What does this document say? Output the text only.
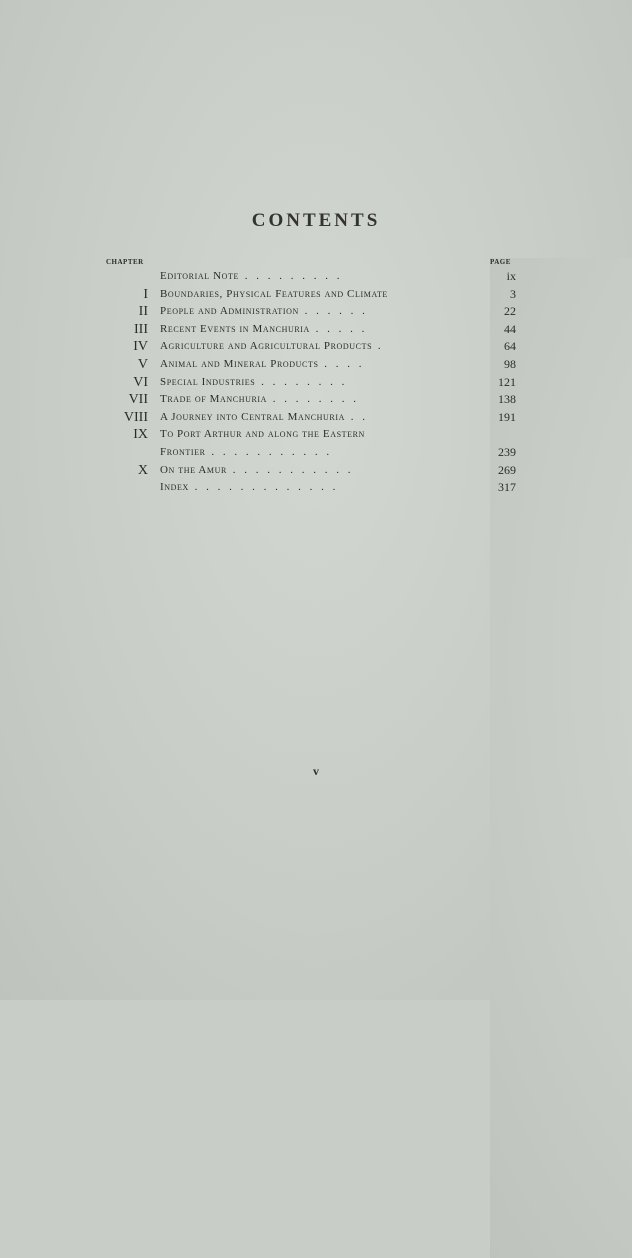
CONTENTS
CHAPTER	PAGE
Editorial Note . . . . . . . . .	ix
I Boundaries, Physical Features and Climate	3
II People and Administration . . . . . .	22
III Recent Events in Manchuria . . . . .	44
IV Agriculture and Agricultural Products .	64
V Animal and Mineral Products . . . .	98
VI Special Industries . . . . . . . .	121
VII Trade of Manchuria . . . . . . . .	138
VIII A Journey into Central Manchuria . .	191
IX To Port Arthur and along the Eastern
Frontier . . . . . . . . . . .	239
X On the Amur . . . . . . . . . . .	269
Index . . . . . . . . . . . . .	317
v
